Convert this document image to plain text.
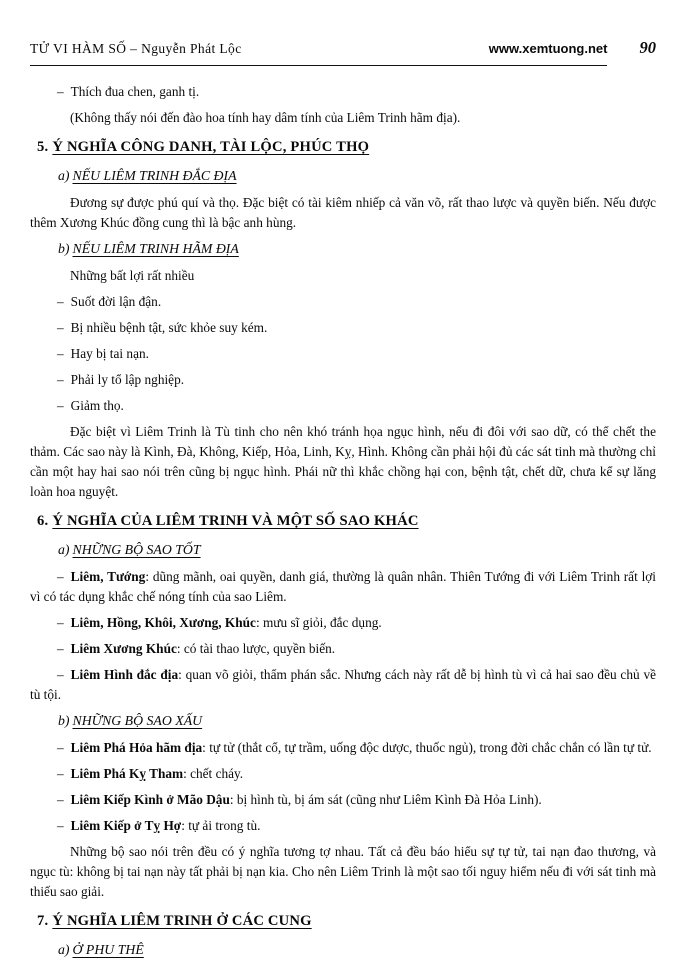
TỬ VI HÀM SỐ – Nguyễn Phát Lộc	www.xemtuong.net 90

– Thích đua chen, ganh tị.

(Không thấy nói đến đào hoa tính hay dâm tính của Liêm Trinh hãm địa).

5. Ý NGHĨA CÔNG DANH, TÀI LỘC, PHÚC THỌ

a) NẾU LIÊM TRINH ĐẮC ĐỊA

Đương sự được phú quí và thọ. Đặc biệt có tài kiêm nhiếp cả văn võ, rất thao lược và quyền biến. Nếu được thêm Xương Khúc đồng cung thì là bậc anh hùng.

b) NẾU LIÊM TRINH HÃM ĐỊA

Những bất lợi rất nhiều

– Suốt đời lận đận.

– Bị nhiều bệnh tật, sức khỏe suy kém.

– Hay bị tai nạn.

– Phải ly tổ lập nghiệp.

– Giảm thọ.

Đặc biệt vì Liêm Trinh là Tù tinh cho nên khó tránh họa ngục hình, nếu đi đôi với sao dữ, có thể chết the thảm. Các sao này là Kình, Đà, Không, Kiếp, Hỏa, Linh, Kỵ, Hình. Không cần phải hội đủ các sát tinh mà thường chỉ cần một hay hai sao nói trên cũng bị ngục hình. Phái nữ thì khắc chồng hại con, bệnh tật, chết dữ, chưa kể sự lăng loàn hoa nguyệt.

6. Ý NGHĨA CỦA LIÊM TRINH VÀ MỘT SỐ SAO KHÁC

a) NHỮNG BỘ SAO TỐT

– Liêm, Tướng: dũng mãnh, oai quyền, danh giá, thường là quân nhân. Thiên Tướng đi với Liêm Trinh rất lợi vì có tác dụng khắc chế nóng tính của sao Liêm.

– Liêm, Hồng, Khôi, Xương, Khúc: mưu sĩ giỏi, đắc dụng.

– Liêm Xương Khúc: có tài thao lược, quyền biến.

– Liêm Hình đắc địa: quan võ giỏi, thẩm phán sắc. Nhưng cách này rất dễ bị hình tù vì cả hai sao đều chủ về tù tội.

b) NHỮNG BỘ SAO XẤU

– Liêm Phá Hỏa hãm địa: tự tử (thắt cổ, tự trầm, uống độc dược, thuốc ngủ), trong đời chắc chắn có lần tự tử.

– Liêm Phá Kỵ Tham: chết cháy.

– Liêm Kiếp Kình ở Mão Dậu: bị hình tù, bị ám sát (cũng như Liêm Kình Đà Hỏa Linh).

– Liêm Kiếp ở Tỵ Hợ: tự ải trong tù.

Những bộ sao nói trên đều có ý nghĩa tương tợ nhau. Tất cả đều báo hiểu sự tự tử, tai nạn đao thương, và ngục tù: không bị tai nạn này tất phải bị nạn kia. Cho nên Liêm Trinh là một sao tối nguy hiểm nếu đi với sát tinh mà thiếu sao giải.

7. Ý NGHĨA LIÊM TRINH Ở CÁC CUNG

a) Ở PHU THÊ
